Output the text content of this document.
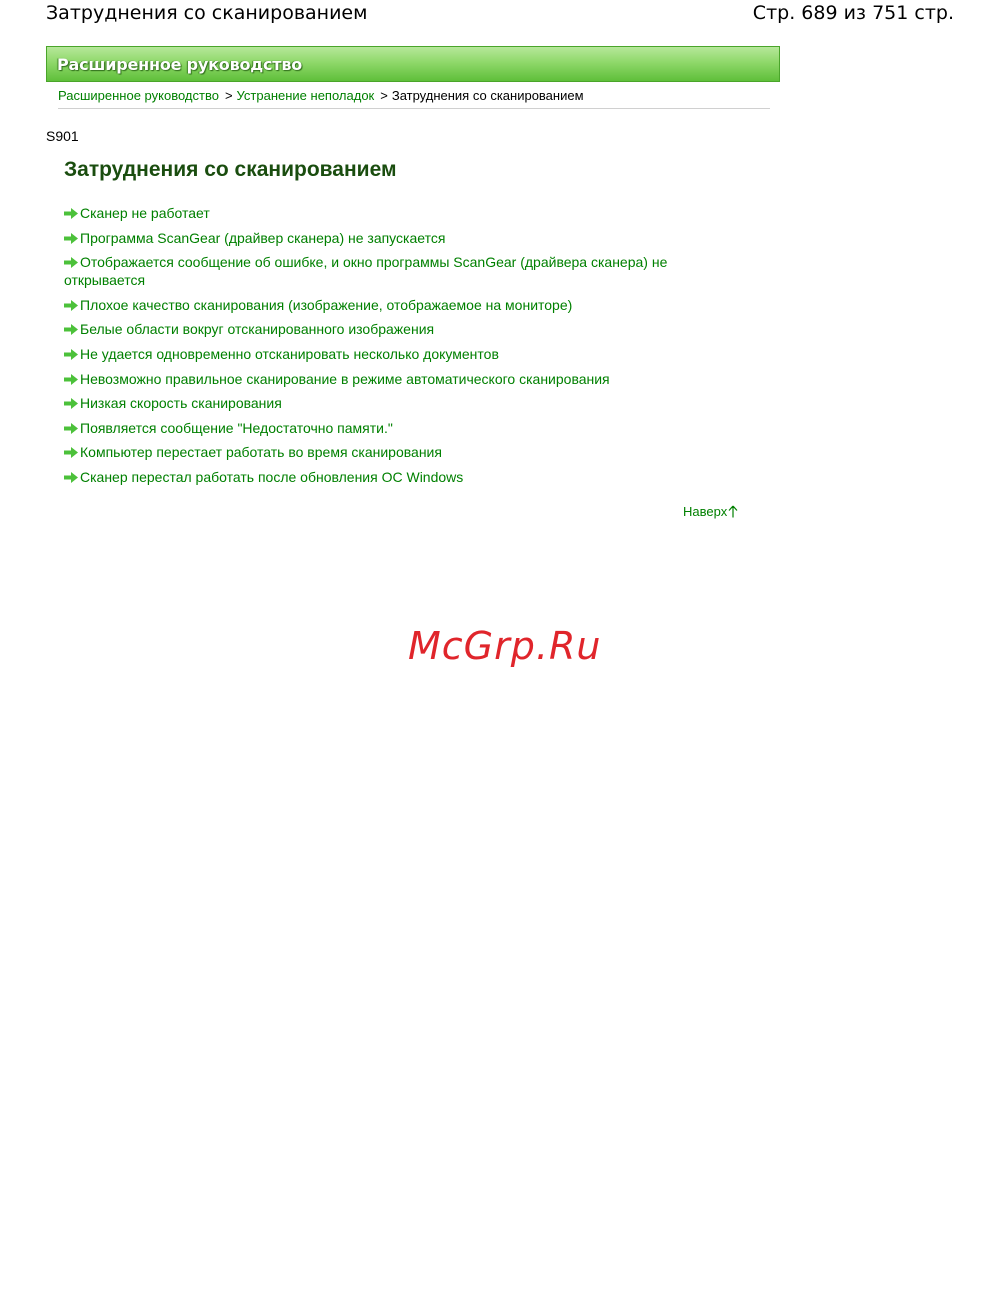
Затруднения со сканированием	Стр. 689 из 751 стр.
Расширенное руководство
Расширенное руководство > Устранение неполадок > Затруднения со сканированием
S901
Затруднения со сканированием
Сканер не работает
Программа ScanGear (драйвер сканера) не запускается
Отображается сообщение об ошибке, и окно программы ScanGear (драйвера сканера) не открывается
Плохое качество сканирования (изображение, отображаемое на мониторе)
Белые области вокруг отсканированного изображения
Не удается одновременно отсканировать несколько документов
Невозможно правильное сканирование в режиме автоматического сканирования
Низкая скорость сканирования
Появляется сообщение "Недостаточно памяти."
Компьютер перестает работать во время сканирования
Сканер перестал работать после обновления ОС Windows
Наверх
McGrp.Ru
